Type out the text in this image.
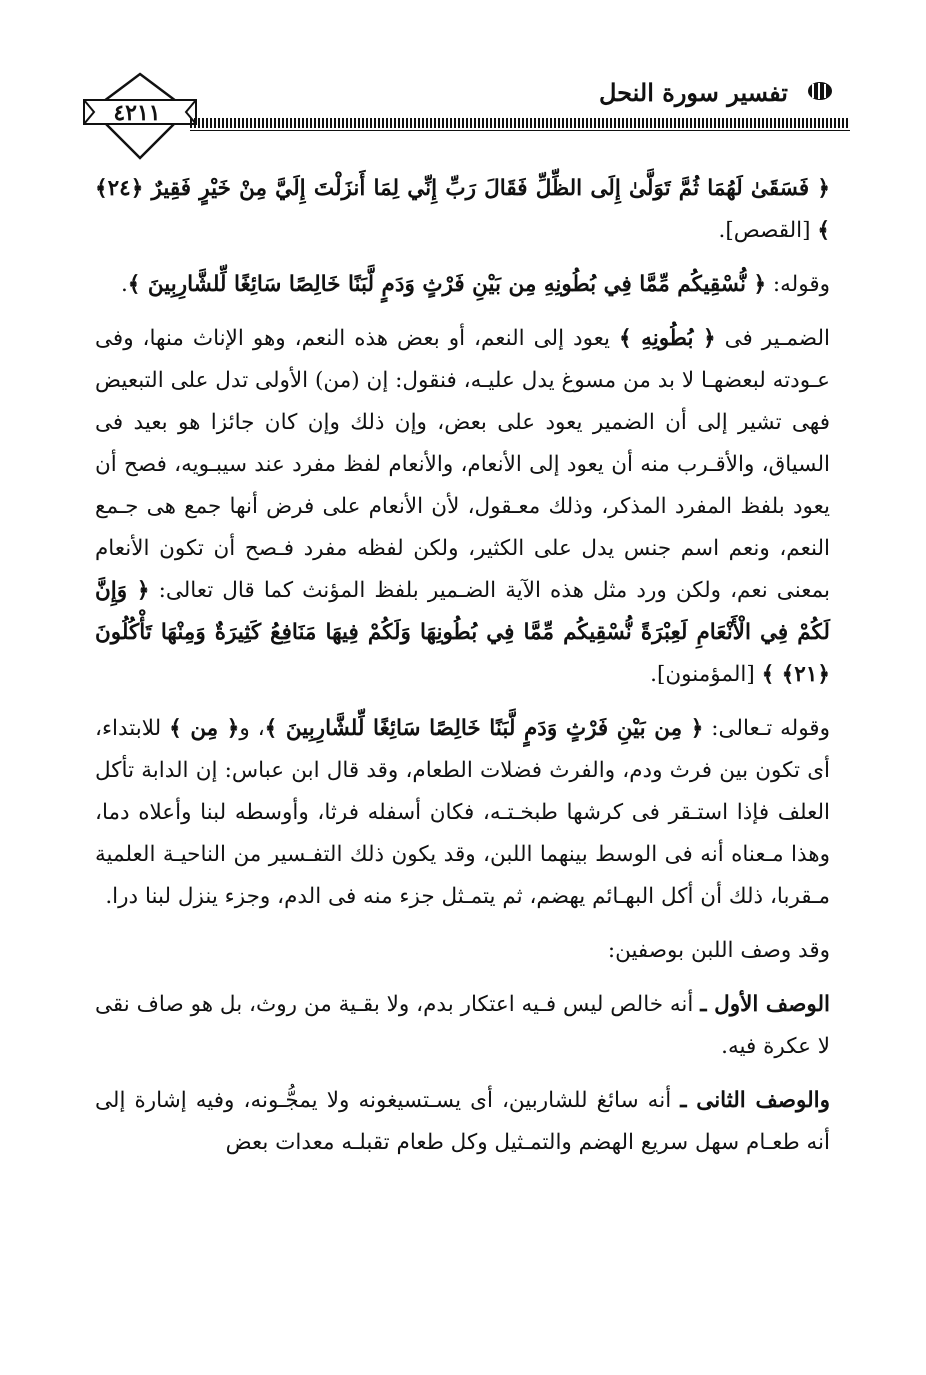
٤٢١١
تفسير سورة النحل

﴿ فَسَقَىٰ لَهُمَا ثُمَّ تَوَلَّىٰ إِلَى الظِّلِّ فَقَالَ رَبِّ إِنِّي لِمَا أَنزَلْتَ إِلَيَّ مِنْ خَيْرٍ فَقِيرٌ ﴿٢٤﴾ ﴾ [القصص].

وقوله: ﴿ نُّسْقِيكُم مِّمَّا فِي بُطُونِهِ مِن بَيْنِ فَرْثٍ وَدَمٍ لَّبَنًا خَالِصًا سَائِغًا لِّلشَّارِبِينَ ﴾.

الضمـير فى ﴿ بُطُونِهِ ﴾ يعود إلى النعم، أو بعض هذه النعم، وهو الإناث منها، وفى عـودته لبعضهـا لا بد من مسوغ يدل عليـه، فنقول: إن (من) الأولى تدل على التبعيض فهى تشير إلى أن الضمير يعود على بعض، وإن ذلك وإن كان جائزا هو بعيد فى السياق، والأقـرب منه أن يعود إلى الأنعام، والأنعام لفظ مفرد عند سيبـويه، فصح أن يعود بلفظ المفرد المذكر، وذلك معـقول، لأن الأنعام على فرض أنها جمع هى جـمع النعم، ونعم اسم جنس يدل على الكثير، ولكن لفظه مفرد فـصح أن تكون الأنعام بمعنى نعم، ولكن ورد مثل هذه الآية الضـمير بلفظ المؤنث كما قال تعالى: ﴿ وَإِنَّ لَكُمْ فِي الْأَنْعَامِ لَعِبْرَةً نُّسْقِيكُم مِّمَّا فِي بُطُونِهَا وَلَكُمْ فِيهَا مَنَافِعُ كَثِيرَةٌ وَمِنْهَا تَأْكُلُونَ ﴿٢١﴾ ﴾ [المؤمنون].

وقوله تـعالى: ﴿ مِن بَيْنِ فَرْثٍ وَدَمٍ لَّبَنًا خَالِصًا سَائِغًا لِّلشَّارِبِينَ ﴾، و﴿ مِن ﴾ للابتداء، أى تكون بين فرث ودم، والفرث فضلات الطعام، وقد قال ابن عباس: إن الدابة تأكل العلف فإذا استـقر فى كرشها طبخـتـه، فكان أسفله فرثا، وأوسطه لبنا وأعلاه دما، وهذا مـعناه أنه فى الوسط بينهما اللبن، وقد يكون ذلك التفـسير من الناحيـة العلمية مـقربا، ذلك أن أكل البهـائم يهضم، ثم يتمـثل جزء منه فى الدم، وجزء ينزل لبنا درا.

وقد وصف اللبن بوصفين:

الوصف الأول ـ أنه خالص ليس فـيه اعتكار بدم، ولا بقـية من روث، بل هو صاف نقى لا عكرة فيه.

والوصف الثانى ـ أنه سائغ للشاربين، أى يسـتسيغونه ولا يمجُّـونه، وفيه إشارة إلى أنه طعـام سهل سريع الهضم والتمـثيل وكل طعام تقبلـه معدات بعض
